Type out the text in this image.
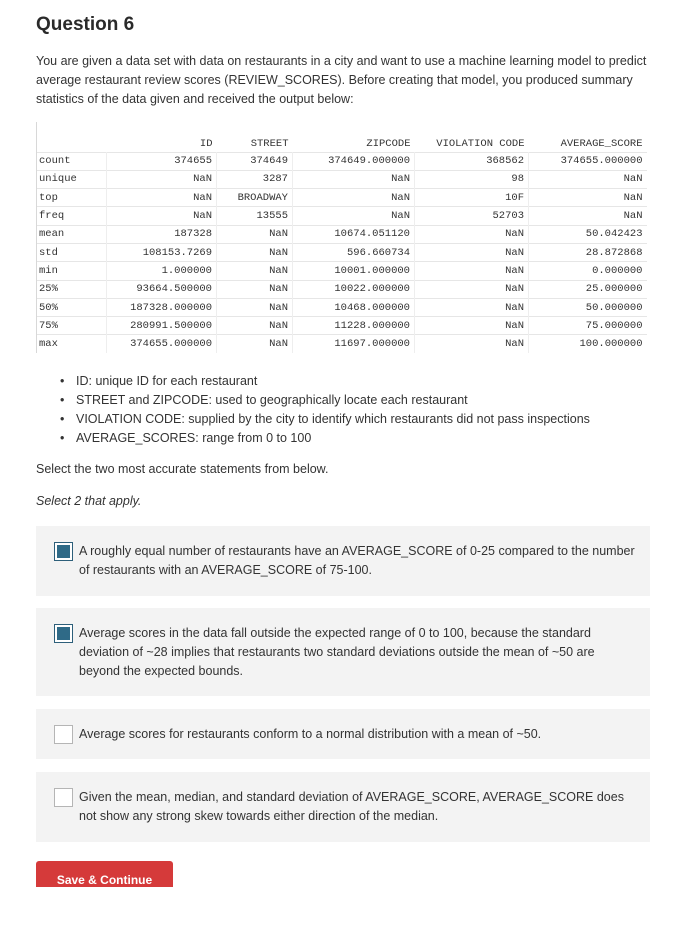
Question 6

You are given a data set with data on restaurants in a city and want to use a machine learning model to predict average restaurant review scores (REVIEW_SCORES). Before creating that model, you produced summary statistics of the data given and received the output below:

	ID	STREET	ZIPCODE	VIOLATION CODE	AVERAGE_SCORE
count	374655	374649	374649.000000	368562	374655.000000
unique	NaN	3287	NaN	98	NaN
top	NaN	BROADWAY	NaN	10F	NaN
freq	NaN	13555	NaN	52703	NaN
mean	187328	NaN	10674.051120	NaN	50.042423
std	108153.7269	NaN	596.660734	NaN	28.872868
min	1.000000	NaN	10001.000000	NaN	0.000000
25%	93664.500000	NaN	10022.000000	NaN	25.000000
50%	187328.000000	NaN	10468.000000	NaN	50.000000
75%	280991.500000	NaN	11228.000000	NaN	75.000000
max	374655.000000	NaN	11697.000000	NaN	100.000000
• ID: unique ID for each restaurant
• STREET and ZIPCODE: used to geographically locate each restaurant
• VIOLATION CODE: supplied by the city to identify which restaurants did not pass inspections
• AVERAGE_SCORES: range from 0 to 100

Select the two most accurate statements from below.

Select 2 that apply.

A roughly equal number of restaurants have an AVERAGE_SCORE of 0-25 compared to the number of restaurants with an AVERAGE_SCORE of 75-100.
Average scores in the data fall outside the expected range of 0 to 100, because the standard deviation of ~28 implies that restaurants two standard deviations outside the mean of ~50 are beyond the expected bounds.
Average scores for restaurants conform to a normal distribution with a mean of ~50.
Given the mean, median, and standard deviation of AVERAGE_SCORE, AVERAGE_SCORE does not show any strong skew towards either direction of the median.
Save & Continue
